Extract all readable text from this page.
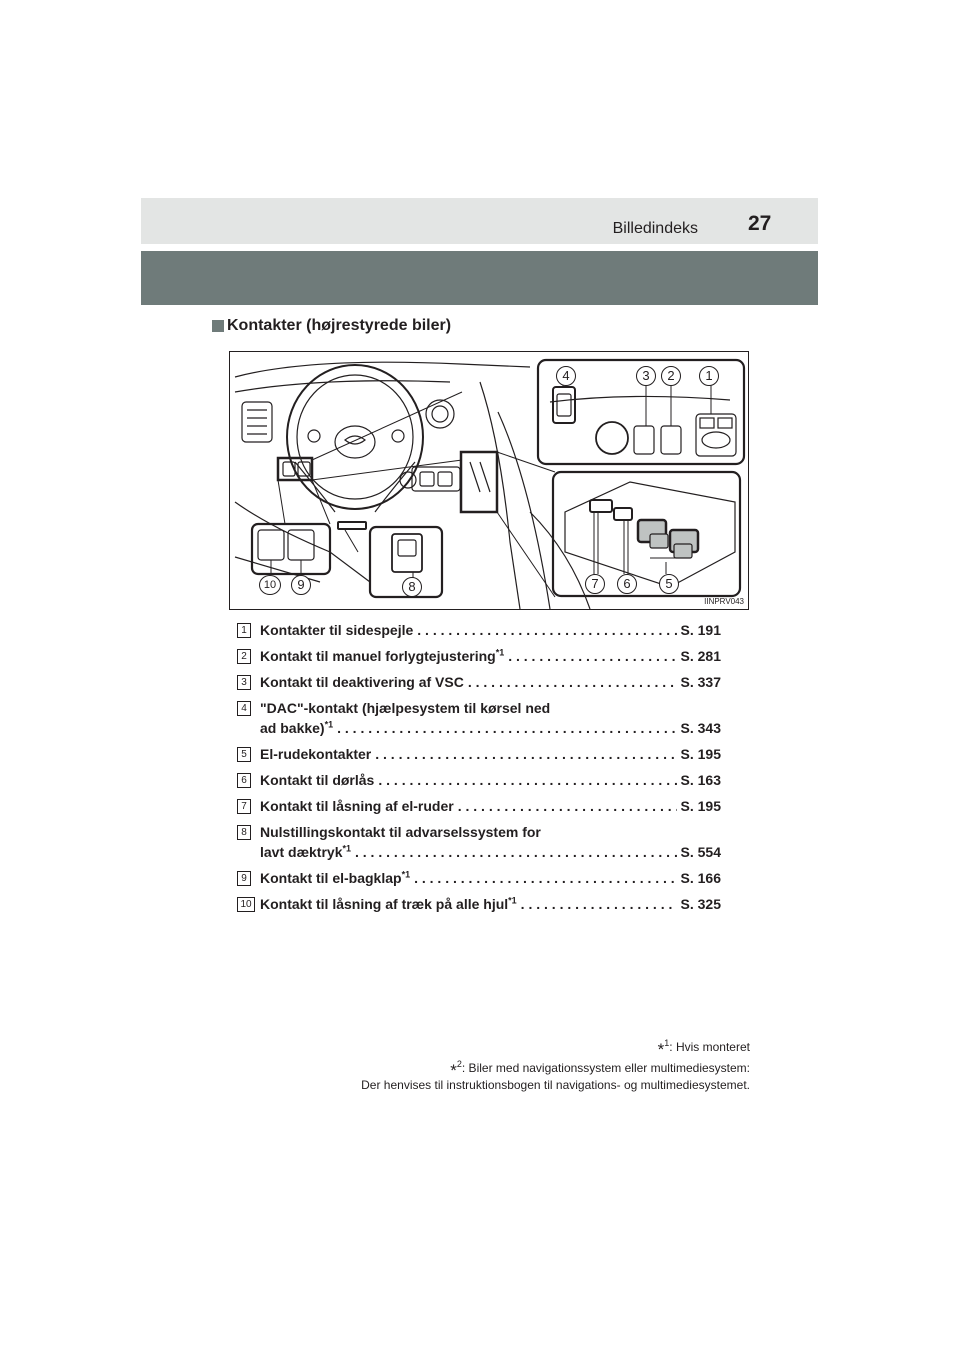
Billedindeks 27
Kontakter (højrestyrede biler)
1
2
3
4
5
6
7
8
9
10
IINPRV043
1 Kontakter til sidespejle . . .	S. 191
2 Kontakt til manuel forlygtejustering$^{*1}$ . . .	S. 281
3 Kontakt til deaktivering af VSC . . .	S. 337
4 "DAC"-kontakt (hjælpesystem til kørsel ned
ad bakke)$^{*1}$ . . .	S. 343
5 El-rudekontakter . . .	S. 195
6 Kontakt til dørlås . . .	S. 163
7 Kontakt til låsning af el-ruder . . .	S. 195
8 Nulstillingskontakt til advarselssystem for
lavt dæktryk$^{*1}$ . . .	S. 554
9 Kontakt til el-bagklap$^{*1}$ . . .	S. 166
10 Kontakt til låsning af træk på alle hjul$^{*1}$ . . .	S. 325
*$^1$: Hvis monteret
*$^2$: Biler med navigationssystem eller multimediesystem:
Der henvises til instruktionsbogen til navigations- og multimediesystemet.
